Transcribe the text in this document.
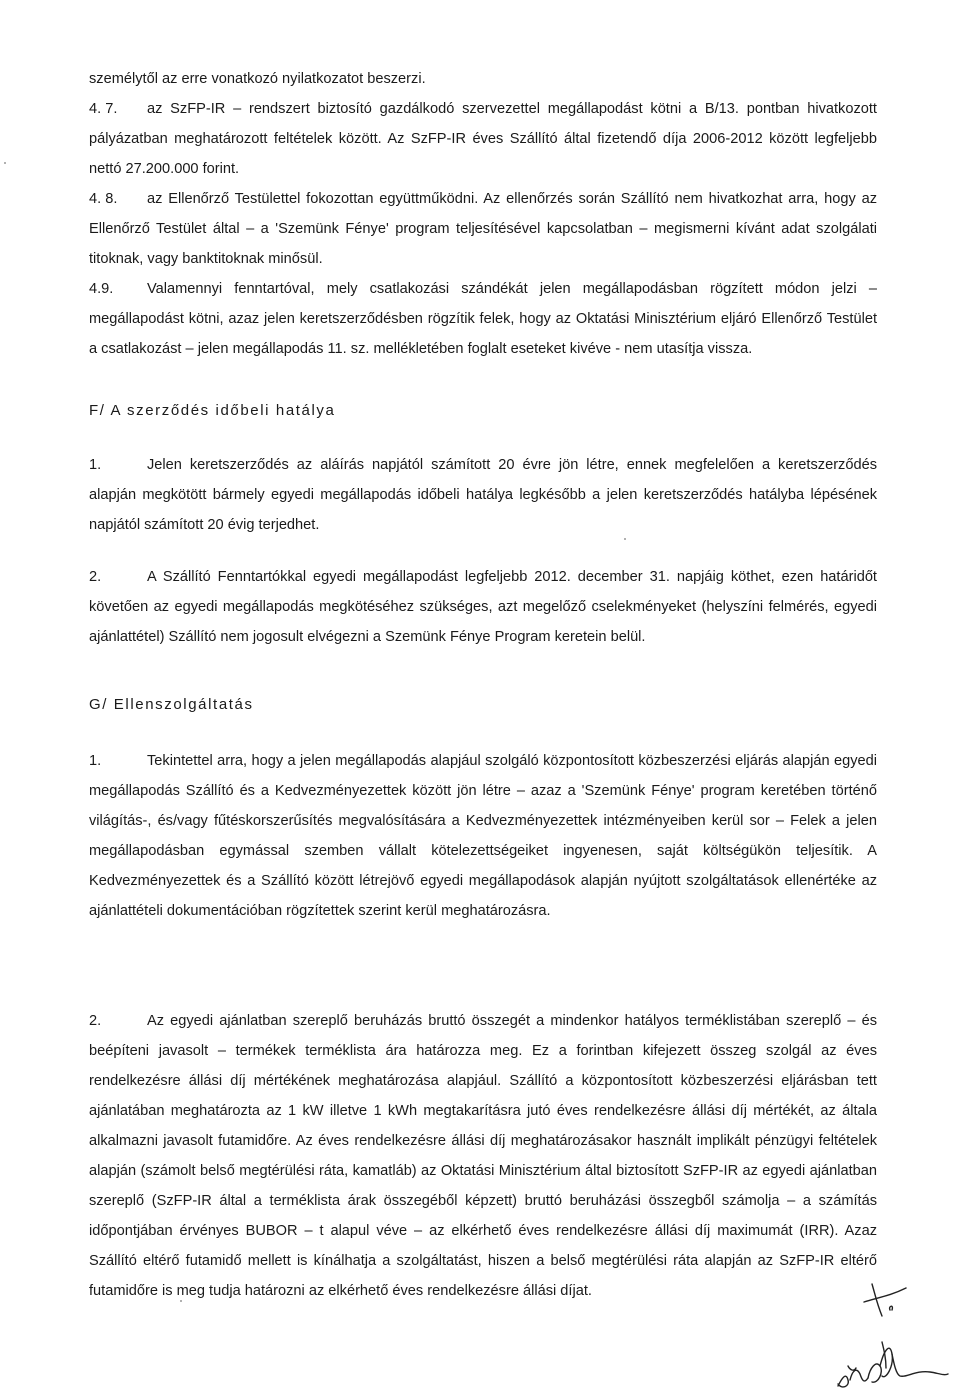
személytől az erre vonatkozó nyilatkozatot beszerzi.

4. 7. az SzFP-IR – rendszert biztosító gazdálkodó szervezettel megállapodást kötni a B/13. pontban hivatkozott pályázatban meghatározott feltételek között. Az SzFP-IR éves Szállító által fizetendő díja 2006-2012 között legfeljebb nettó 27.200.000 forint.

4. 8. az Ellenőrző Testülettel fokozottan együttműködni. Az ellenőrzés során Szállító nem hivatkozhat arra, hogy az Ellenőrző Testület által – a 'Szemünk Fénye' program teljesítésével kapcsolatban – megismerni kívánt adat szolgálati titoknak, vagy banktitoknak minősül.

4.9. Valamennyi fenntartóval, mely csatlakozási szándékát jelen megállapodásban rögzített módon jelzi – megállapodást kötni, azaz jelen keretszerződésben rögzítik felek, hogy az Oktatási Minisztérium eljáró Ellenőrző Testület a csatlakozást – jelen megállapodás 11. sz. mellékletében foglalt eseteket kivéve - nem utasítja vissza.

F/ A szerződés időbeli hatálya

1.	Jelen keretszerződés az aláírás napjától számított 20 évre jön létre, ennek megfelelően a keretszerződés alapján megkötött bármely egyedi megállapodás időbeli hatálya legkésőbb a jelen keretszerződés hatályba lépésének napjától számított 20 évig terjedhet.

2.	A Szállító Fenntartókkal egyedi megállapodást legfeljebb 2012. december 31. napjáig köthet, ezen határidőt követően az egyedi megállapodás megkötéséhez szükséges, azt megelőző cselekményeket (helyszíni felmérés, egyedi ajánlattétel) Szállító nem jogosult elvégezni a Szemünk Fénye Program keretein belül.

G/ Ellenszolgáltatás

1.	Tekintettel arra, hogy a jelen megállapodás alapjául szolgáló központosított közbeszerzési eljárás alapján egyedi megállapodás Szállító és a Kedvezményezettek között jön létre – azaz a 'Szemünk Fénye' program keretében történő világítás-, és/vagy fűtéskorszerűsítés megvalósítására a Kedvezményezettek intézményeiben kerül sor – Felek a jelen megállapodásban egymással szemben vállalt kötelezettségeiket ingyenesen, saját költségükön teljesítik. A Kedvezményezettek és a Szállító között létrejövő egyedi megállapodások alapján nyújtott szolgáltatások ellenértéke az ajánlattételi dokumentációban rögzítettek szerint kerül meghatározásra.

2.	Az egyedi ajánlatban szereplő beruházás bruttó összegét a mindenkor hatályos terméklistában szereplő – és beépíteni javasolt – termékek terméklista ára határozza meg. Ez a forintban kifejezett összeg szolgál az éves rendelkezésre állási díj mértékének meghatározása alapjául. Szállító a központosított közbeszerzési eljárásban tett ajánlatában meghatározta az 1 kW illetve 1 kWh megtakarításra jutó éves rendelkezésre állási díj mértékét, az általa alkalmazni javasolt futamidőre. Az éves rendelkezésre állási díj meghatározásakor használt implikált pénzügyi feltételek alapján (számolt belső megtérülési ráta, kamatláb) az Oktatási Minisztérium által biztosított SzFP-IR az egyedi ajánlatban szereplő (SzFP-IR által a terméklista árak összegéből képzett) bruttó beruházási összegből számolja – a számítás időpontjában érvényes BUBOR – t alapul véve – az elkérhető éves rendelkezésre állási díj maximumát (IRR). Azaz Szállító eltérő futamidő mellett is kínálhatja a szolgáltatást, hiszen a belső megtérülési ráta alapján az SzFP-IR eltérő futamidőre is meg tudja határozni az elkérhető éves rendelkezésre állási díjat.
